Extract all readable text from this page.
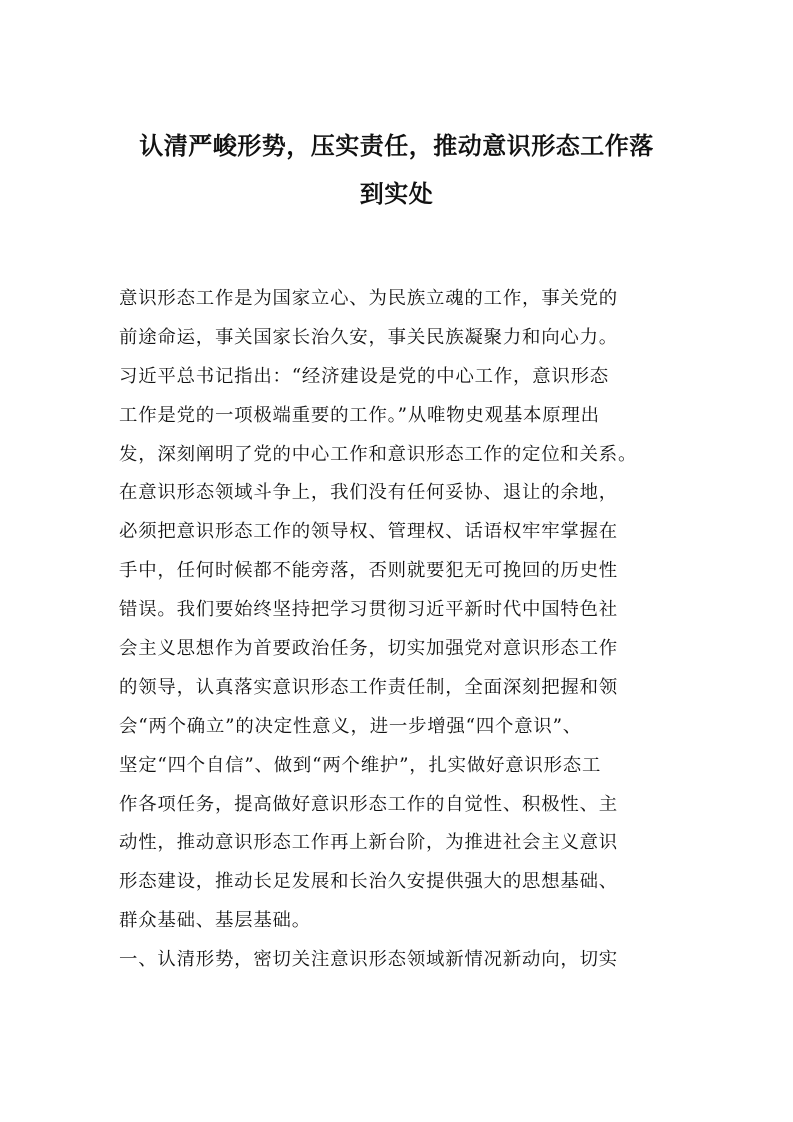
认清严峻形势，压实责任，推动意识形态工作落
到实处
意识形态工作是为国家立心、为民族立魂的工作，事关党的
前途命运，事关国家长治久安，事关民族凝聚力和向心力。
习近平总书记指出：“经济建设是党的中心工作，意识形态
工作是党的一项极端重要的工作。”从唯物史观基本原理出
发，深刻阐明了党的中心工作和意识形态工作的定位和关系。
在意识形态领域斗争上，我们没有任何妥协、退让的余地，
必须把意识形态工作的领导权、管理权、话语权牢牢掌握在
手中，任何时候都不能旁落，否则就要犯无可挽回的历史性
错误。我们要始终坚持把学习贯彻习近平新时代中国特色社
会主义思想作为首要政治任务，切实加强党对意识形态工作
的领导，认真落实意识形态工作责任制，全面深刻把握和领
会“两个确立”的决定性意义，进一步增强“四个意识”、
坚定“四个自信”、做到“两个维护”，扎实做好意识形态工
作各项任务，提高做好意识形态工作的自觉性、积极性、主
动性，推动意识形态工作再上新台阶，为推进社会主义意识
形态建设，推动长足发展和长治久安提供强大的思想基础、
群众基础、基层基础。
一、认清形势，密切关注意识形态领域新情况新动向，切实
